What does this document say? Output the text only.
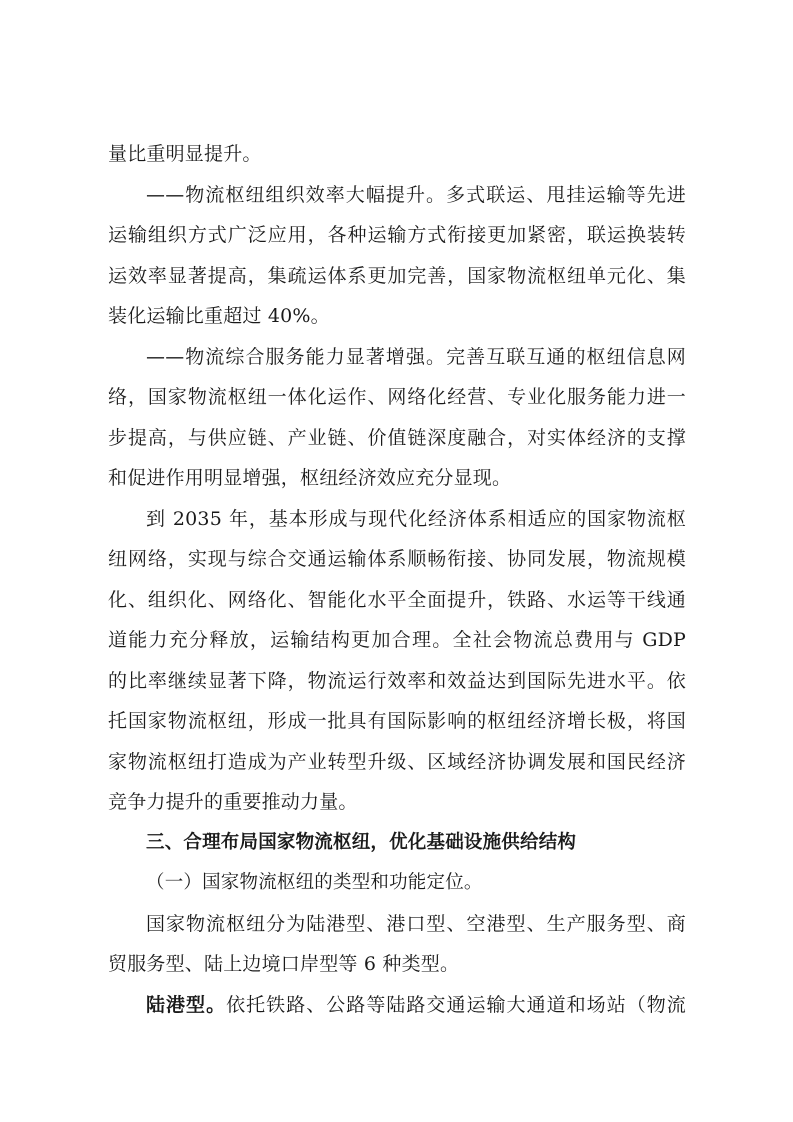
量比重明显提升。
——物流枢纽组织效率大幅提升。多式联运、甩挂运输等先进
运输组织方式广泛应用，各种运输方式衔接更加紧密，联运换装转
运效率显著提高，集疏运体系更加完善，国家物流枢纽单元化、集
装化运输比重超过 40%。
——物流综合服务能力显著增强。完善互联互通的枢纽信息网
络，国家物流枢纽一体化运作、网络化经营、专业化服务能力进一
步提高，与供应链、产业链、价值链深度融合，对实体经济的支撑
和促进作用明显增强，枢纽经济效应充分显现。
到 2035 年，基本形成与现代化经济体系相适应的国家物流枢
纽网络，实现与综合交通运输体系顺畅衔接、协同发展，物流规模
化、组织化、网络化、智能化水平全面提升，铁路、水运等干线通
道能力充分释放，运输结构更加合理。全社会物流总费用与 GDP
的比率继续显著下降，物流运行效率和效益达到国际先进水平。依
托国家物流枢纽，形成一批具有国际影响的枢纽经济增长极，将国
家物流枢纽打造成为产业转型升级、区域经济协调发展和国民经济
竞争力提升的重要推动力量。
三、合理布局国家物流枢纽，优化基础设施供给结构
（一）国家物流枢纽的类型和功能定位。
国家物流枢纽分为陆港型、港口型、空港型、生产服务型、商
贸服务型、陆上边境口岸型等 6 种类型。
陆港型。依托铁路、公路等陆路交通运输大通道和场站（物流
